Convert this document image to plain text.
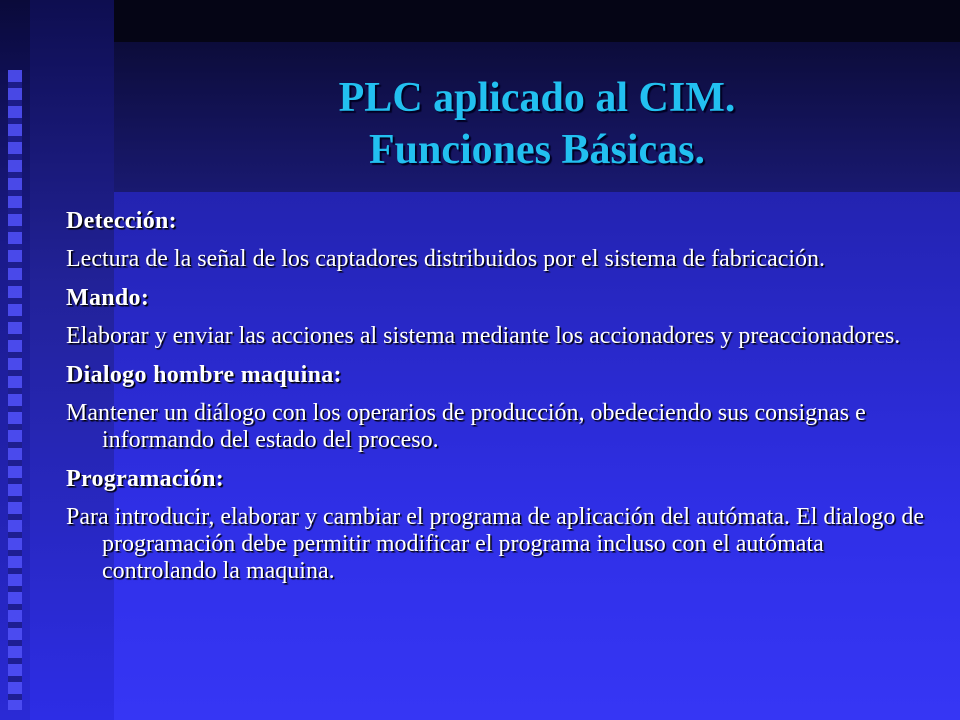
PLC aplicado al CIM.
Funciones Básicas.
Detección:
Lectura de la señal de los captadores distribuidos por el sistema de fabricación.
Mando:
Elaborar y enviar las acciones al sistema mediante los accionadores y preaccionadores.
Dialogo hombre maquina:
Mantener un diálogo con los operarios de producción, obedeciendo sus consignas e informando del estado del proceso.
Programación:
Para introducir, elaborar y cambiar el programa de aplicación del autómata. El dialogo de programación debe permitir modificar el programa incluso con el autómata controlando la maquina.
